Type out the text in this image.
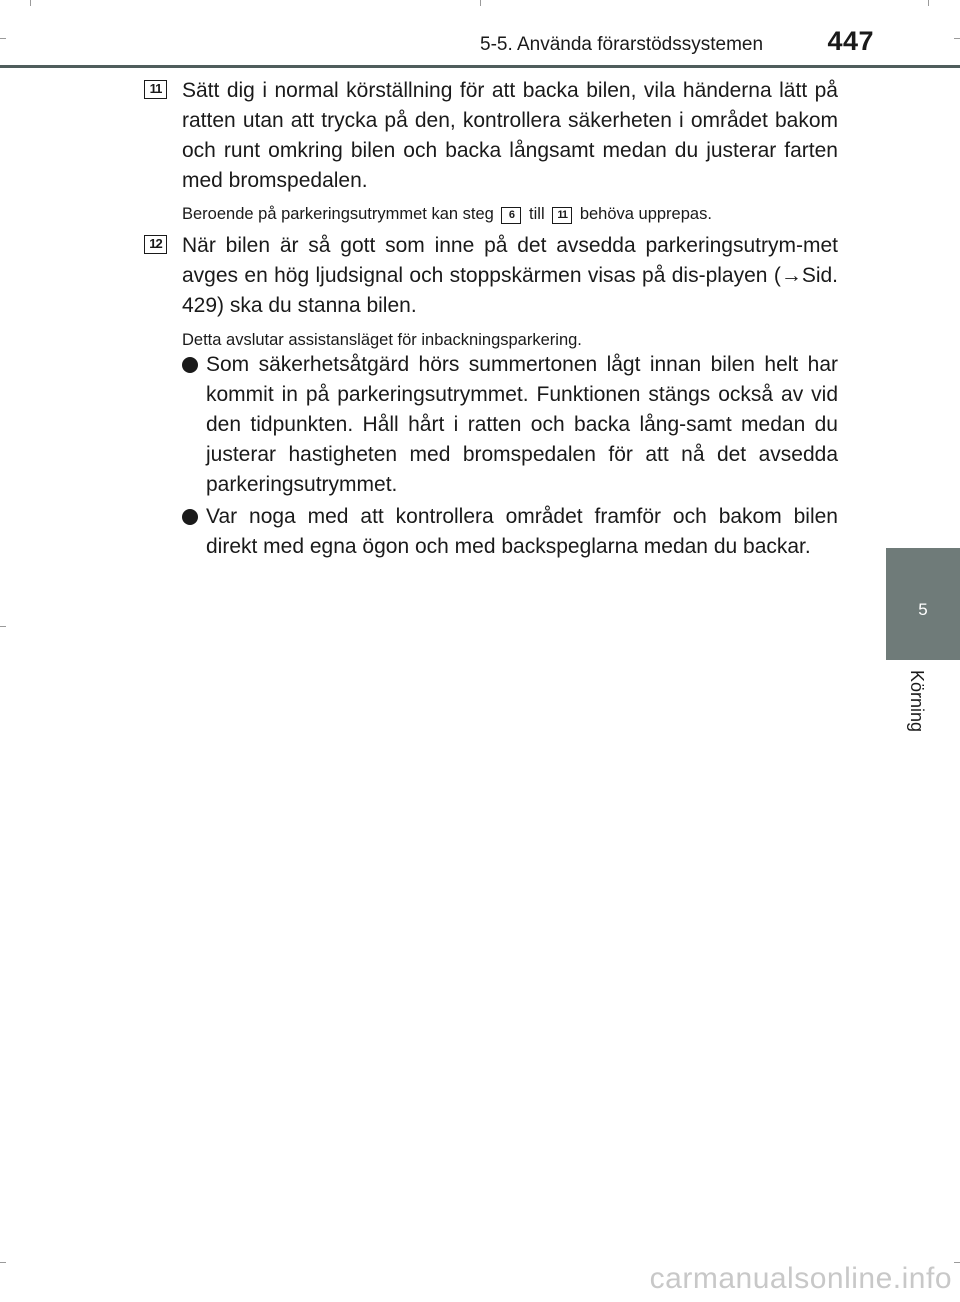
5-5. Använda förarstödssystemen 447
5
Körning
11 Sätt dig i normal körställning för att backa bilen, vila händerna lätt på ratten utan att trycka på den, kontrollera säkerheten i området bakom och runt omkring bilen och backa långsamt medan du justerar farten med bromspedalen.
Beroende på parkeringsutrymmet kan steg 6 till 11 behöva upprepas.
12 När bilen är så gott som inne på det avsedda parkeringsutrym-met avges en hög ljudsignal och stoppskärmen visas på dis-playen (→Sid. 429) ska du stanna bilen.
Detta avslutar assistansläget för inbackningsparkering.
Som säkerhetsåtgärd hörs summertonen lågt innan bilen helt har kommit in på parkeringsutrymmet. Funktionen stängs också av vid den tidpunkten. Håll hårt i ratten och backa lång-samt medan du justerar hastigheten med bromspedalen för att nå det avsedda parkeringsutrymmet.
Var noga med att kontrollera området framför och bakom bilen direkt med egna ögon och med backspeglarna medan du backar.
carmanualsonline.info
